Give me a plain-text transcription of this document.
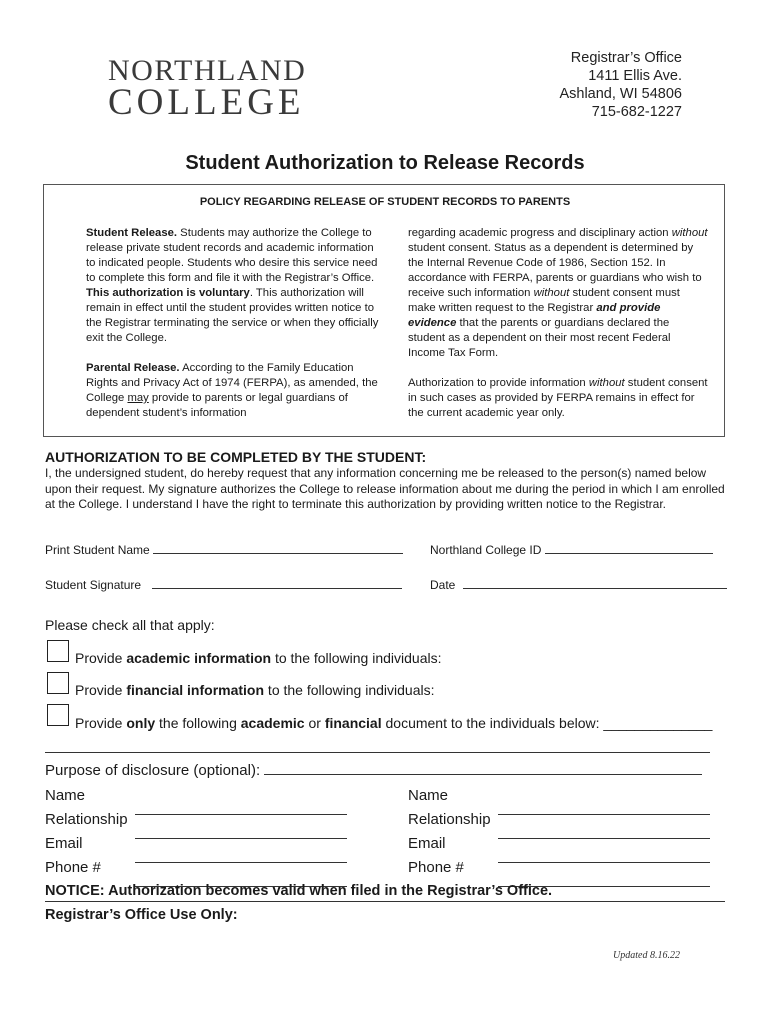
NORTHLAND
COLLEGE
Registrar’s Office
1411 Ellis Ave.
Ashland, WI 54806
715-682-1227
Student Authorization to Release Records
POLICY REGARDING RELEASE OF STUDENT RECORDS TO PARENTS

Student Release. Students may authorize the College to release private student records and academic information to indicated people. Students who desire this service need to complete this form and file it with the Registrar’s Office. This authorization is voluntary. This authorization will remain in effect until the student provides written notice to the Registrar terminating the service or when they officially exit the College.

Parental Release. According to the Family Education Rights and Privacy Act of 1974 (FERPA), as amended, the College may provide to parents or legal guardians of dependent student’s information

regarding academic progress and disciplinary action without student consent. Status as a dependent is determined by the Internal Revenue Code of 1986, Section 152. In accordance with FERPA, parents or guardians who wish to receive such information without student consent must make written request to the Registrar and provide evidence that the parents or guardians declared the student as a dependent on their most recent Federal Income Tax Form.

Authorization to provide information without student consent in such cases as provided by FERPA remains in effect for the current academic year only.

AUTHORIZATION TO BE COMPLETED BY THE STUDENT:
I, the undersigned student, do hereby request that any information concerning me be released to the person(s) named below upon their request. My signature authorizes the College to release information about me during the period in which I am enrolled at the College. I understand I have the right to terminate this authorization by providing written notice to the Registrar.
Print Student Name	Northland College ID
Student Signature	Date
Please check all that apply:
Provide academic information to the following individuals:
Provide financial information to the following individuals:
Provide only the following academic or financial document to the individuals below: ______________
Purpose of disclosure (optional):
Name
Relationship
Email
Phone #
Name
Relationship
Email
Phone #
NOTICE: Authorization becomes valid when filed in the Registrar’s Office.
Registrar’s Office Use Only:
Updated 8.16.22
